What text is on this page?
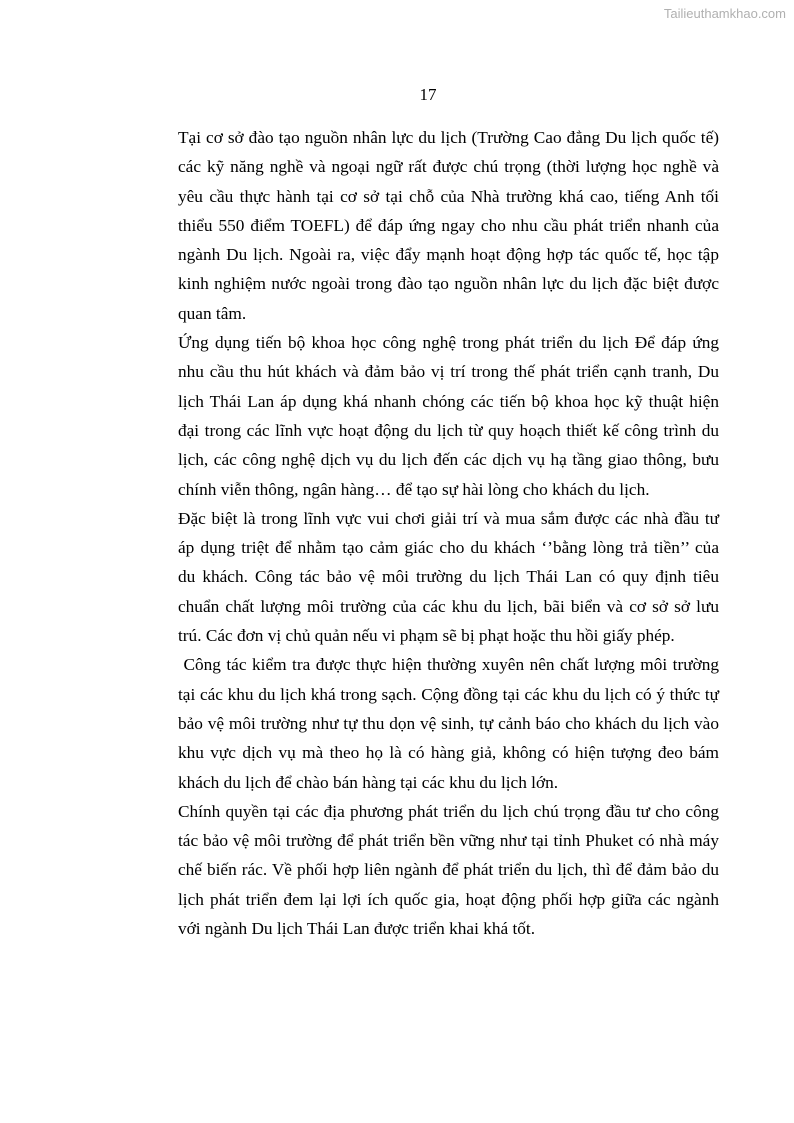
Tailieuthamkhao.com
17
Tại cơ sở đào tạo nguồn nhân lực du lịch (Trường Cao đẳng Du lịch quốc tế)
các kỹ năng nghề và ngoại ngữ rất được chú trọng (thời lượng học nghề và
yêu cầu thực hành tại cơ sở tại chỗ của Nhà trường khá cao, tiếng Anh tối
thiểu 550 điểm TOEFL) để đáp ứng ngay cho nhu cầu phát triển nhanh của
ngành Du lịch. Ngoài ra, việc đẩy mạnh hoạt động hợp tác quốc tế, học tập
kinh nghiệm nước ngoài trong đào tạo nguồn nhân lực du lịch đặc biệt được
quan tâm.
Ứng dụng tiến bộ khoa học công nghệ trong phát triển du lịch Để đáp ứng
nhu cầu thu hút khách và đảm bảo vị trí trong thế phát triển cạnh tranh, Du
lịch Thái Lan áp dụng khá nhanh chóng các tiến bộ khoa học kỹ thuật hiện
đại trong các lĩnh vực hoạt động du lịch từ quy hoạch thiết kế công trình du
lịch, các công nghệ dịch vụ du lịch đến các dịch vụ hạ tầng giao thông, bưu
chính viễn thông, ngân hàng… để tạo sự hài lòng cho khách du lịch.
Đặc biệt là trong lĩnh vực vui chơi giải trí và mua sắm được các nhà đầu tư
áp dụng triệt để nhằm tạo cảm giác cho du khách ‘’bằng lòng trả tiền’’ của
du khách. Công tác bảo vệ môi trường du lịch Thái Lan có quy định tiêu
chuẩn chất lượng môi trường của các khu du lịch, bãi biển và cơ sở sở lưu
trú. Các đơn vị chủ quản nếu vi phạm sẽ bị phạt hoặc thu hồi giấy phép.
Công tác kiểm tra được thực hiện thường xuyên nên chất lượng môi trường
tại các khu du lịch khá trong sạch. Cộng đồng tại các khu du lịch có ý thức tự
bảo vệ môi trường như tự thu dọn vệ sinh, tự cảnh báo cho khách du lịch vào
khu vực dịch vụ mà theo họ là có hàng giả, không có hiện tượng đeo bám
khách du lịch để chào bán hàng tại các khu du lịch lớn.
Chính quyền tại các địa phương phát triển du lịch chú trọng đầu tư cho công
tác bảo vệ môi trường để phát triển bền vững như tại tỉnh Phuket có nhà máy
chế biến rác. Về phối hợp liên ngành để phát triển du lịch, thì để đảm bảo du
lịch phát triển đem lại lợi ích quốc gia, hoạt động phối hợp giữa các ngành
với ngành Du lịch Thái Lan được triển khai khá tốt.
